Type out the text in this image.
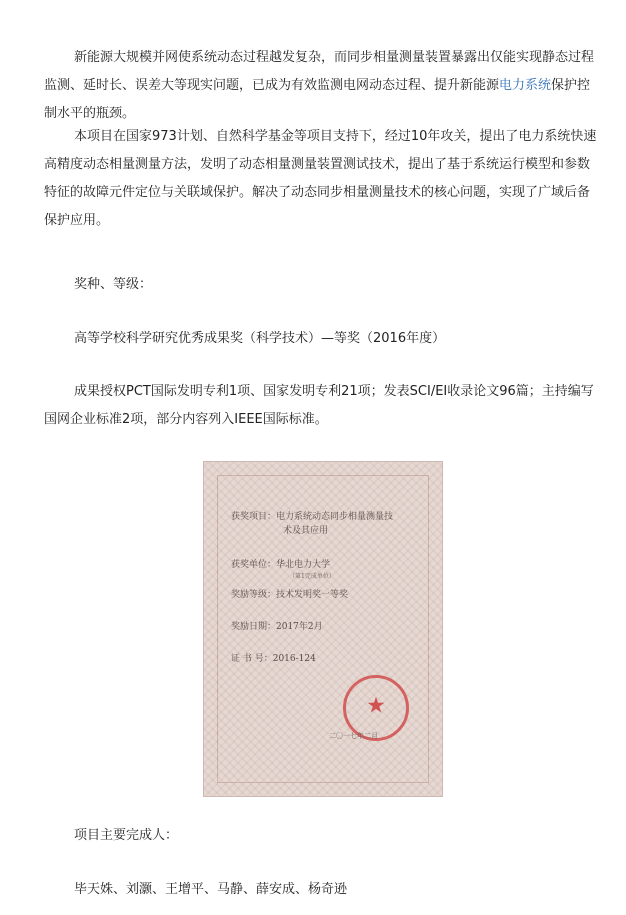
新能源大规模并网使系统动态过程越发复杂，而同步相量测量装置暴露出仅能实现静态过程监测、延时长、误差大等现实问题，已成为有效监测电网动态过程、提升新能源电力系统保护控制水平的瓶颈。

本项目在国家973计划、自然科学基金等项目支持下，经过10年攻关，提出了电力系统快速高精度动态相量测量方法，发明了动态相量测量装置测试技术，提出了基于系统运行模型和参数特征的故障元件定位与关联域保护。解决了动态同步相量测量技术的核心问题，实现了广域后备保护应用。

奖种、等级：

高等学校科学研究优秀成果奖（科学技术）—等奖（2016年度）

成果授权PCT国际发明专利1项、国家发明专利21项；发表SCI/EI收录论文96篇；主持编写国网企业标准2项，部分内容列入IEEE国际标准。

获奖项目：电力系统动态同步相量测量技
术及其应用
获奖单位：华北电力大学
（第1完成单位）
奖励等级：技术发明奖一等奖
奖励日期：2017年2月
证 书 号：2016-124
★
二〇一七年二月

项目主要完成人：

毕天姝、刘灏、王增平、马静、薛安成、杨奇逊
